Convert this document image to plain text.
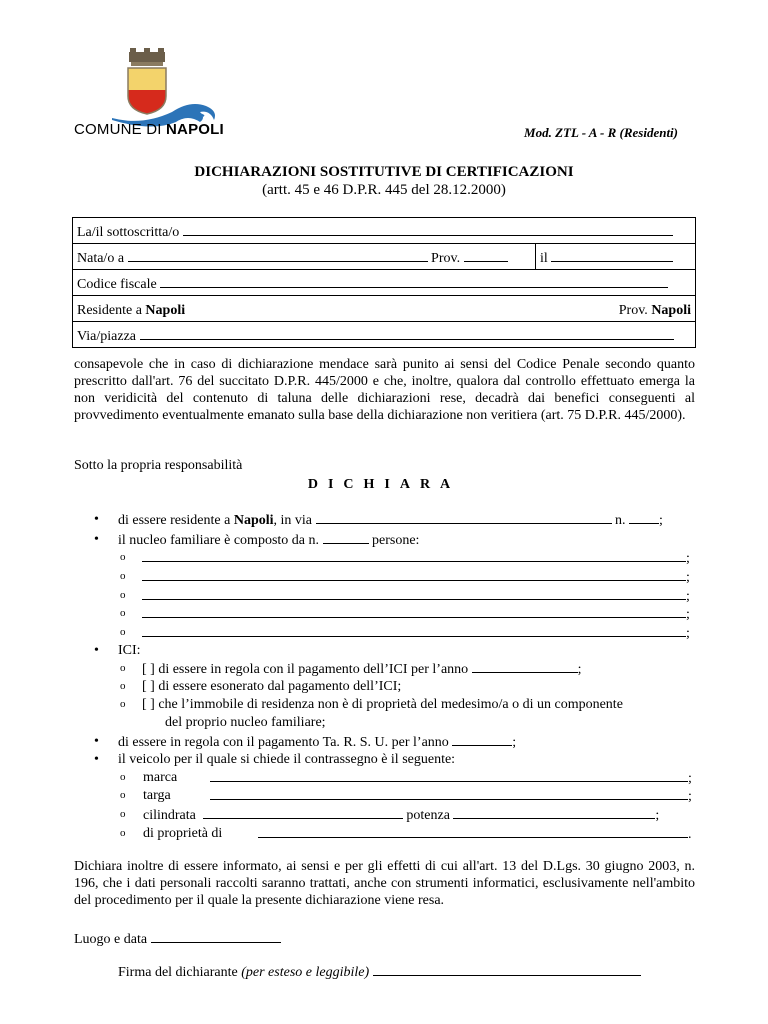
COMUNE DI NAPOLI	Mod. ZTL - A - R (Residenti)
DICHIARAZIONI SOSTITUTIVE DI CERTIFICAZIONI
(artt. 45 e 46 D.P.R. 445 del 28.12.2000)
La/il sottoscritta/o
Nata/o a	Prov.	il
Codice fiscale
Residente a Napoli	Prov. Napoli

Via/piazza
consapevole che in caso di dichiarazione mendace sarà punito ai sensi del Codice Penale secondo quanto prescritto dall'art. 76 del succitato D.P.R. 445/2000 e che, inoltre, qualora dal controllo effettuato emerga la non veridicità del contenuto di taluna delle dichiarazioni rese, decadrà dai benefici conseguenti al provvedimento eventualmente emanato sulla base della dichiarazione non veritiera (art. 75 D.P.R. 445/2000).
Sotto la propria responsabilità
DICHIARA
• di essere residente a Napoli, in via	n. ;
• il nucleo familiare è composto da n.	persone:
o	;
o	;
o	;
o	;
o	;
• ICI:
o [ ] di essere in regola con il pagamento dell’ICI per l’anno	;
o [ ] di essere esonerato dal pagamento dell’ICI;
o [ ] che l’immobile di residenza non è di proprietà del medesimo/a o di un componente
del proprio nucleo familiare;
• di essere in regola con il pagamento Ta. R. S. U. per l’anno	;
• il veicolo per il quale si chiede il contrassegno è il seguente:
o marca	;
o targa	;
o cilindrata	potenza	;
o di proprietà di	.
Dichiara inoltre di essere informato, ai sensi e per gli effetti di cui all'art. 13 del D.Lgs. 30 giugno 2003, n. 196, che i dati personali raccolti saranno trattati, anche con strumenti informatici, esclusivamente nell'ambito del procedimento per il quale la presente dichiarazione viene resa.
Luogo e data
Firma del dichiarante (per esteso e leggibile)
